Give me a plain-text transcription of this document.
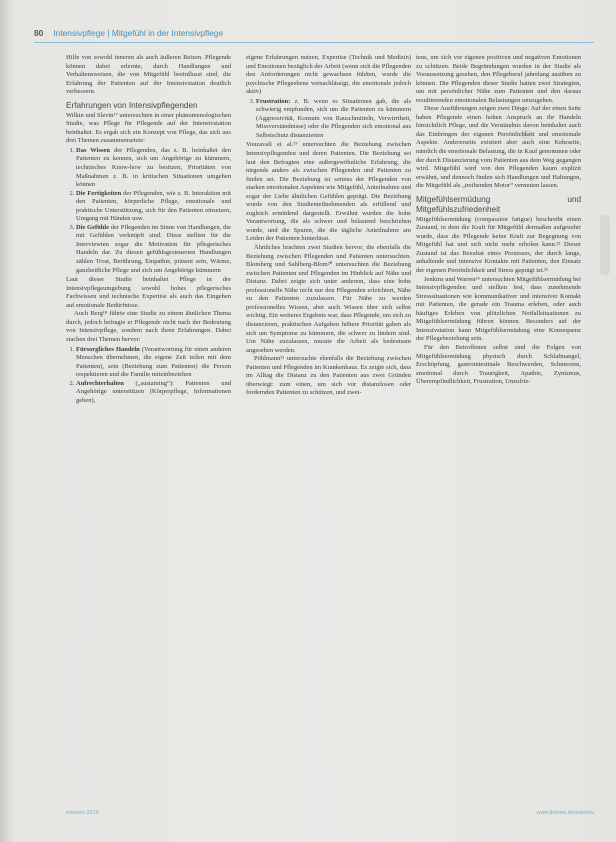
80 Intensivpflege | Mitgefühl in der Intensivpflege

Hilfe von sowohl inneren als auch äußeren Reizen. Pflegende können dabei erlernte, durch Handlungen und Verhaltensweisen, die von Mitgefühl beeinflusst sind, die Erfahrung der Patienten auf der Intensivstation deutlich verbessern.

Erfahrungen von Intensivpflegenden

Wilkin und Slevin¹⁷ untersuchten in einer phänomenologischen Studie, was Pflege für Pflegende auf der Intensivstation beinhaltet. Es ergab sich ein Konzept von Pflege, das sich aus drei Themen zusammensetzte:

1. Das Wissen der Pflegenden, das z. B. beinhaltet den Patienten zu kennen, sich um Angehörige zu kümmern, technisches Know-how zu besitzen, Prioritäten von Maßnahmen z. B. in kritischen Situationen umgehen können
2. Die Fertigkeiten der Pflegenden, wie z. B. Interaktion mit den Patienten, körperliche Pflege, emotionale und praktische Unterstützung, sich für den Patienten einsetzen, Umgang mit Händen usw.
3. Die Gefühle der Pflegenden im Sinne von Handlungen, die mit Gefühlen verknüpft sind. Diese stellten für die Interviewten sogar die Motivation für pflegerisches Handeln dar. Zu diesen gefühlsgesteuerten Handlungen zählen Trost, Berührung, Empathie, präsent sein, Wärme, ganzheitliche Pflege und sich um Angehörige kümmern

Laut dieser Studie beinhaltet Pflege in der Intensivpflegeumgebung sowohl hohes pflegerisches Fachwissen und technische Expertise als auch das Eingehen auf emotionale Bedürfnisse.

Auch Berg¹⁸ führte eine Studie zu einem ähnlichen Thema durch, jedoch befragte er Pflegende nicht nach der Bedeutung von Intensivpflege, sondern nach ihren Erfahrungen. Dabei stachen drei Themen hervor:

1. Fürsorgliches Handeln (Verantwortung für einen anderen Menschen übernehmen, die eigene Zeit teilen mit dem Patienten), sein (Beziehung zum Patienten) die Person respektieren und die Familie miteinbeziehen
2. Aufrechterhalten („sustaining“): Patienten und Angehörige unterstützen (Körperpflege, Informationen geben),

eigene Erfahrungen nutzen, Expertise (Technik und Medizin) und Emotionen bezüglich der Arbeit (wenn sich die Pflegenden den Anforderungen nicht gewachsen fühlten, wurde die psychische Pflegeebene vernachlässigt, die emotionale jedoch aktiv)

3. Frustration: z. B. wenn es Situationen gab, die als schwierig empfunden, sich um die Patienten zu kümmern (Aggressivität, Konsum von Rauschmitteln, Verwirrtheit, Missverständnisse) oder die Pflegenden sich emotional aus Selbstschutz distanzierten

Vouzavali et al.¹⁹ untersuchten die Beziehung zwischen Intensivpflegenden und deren Patienten. Die Beziehung sei laut den Befragten eine außergewöhnliche Erfahrung, die nirgends anders als zwischen Pflegenden und Patienten zu finden sei. Die Beziehung ist seitens der Pflegenden von starken emotionalen Aspekten wie Mitgefühl, Anteilnahme und sogar der Liebe ähnlichen Gefühlen geprägt. Die Beziehung wurde von den Studienteilnehmenden als erfüllend und zugleich ermüdend dargestellt. Erwähnt wurden die hohe Verantwortung, die als schwer und belastend beschrieben wurde, und die Spuren, die die tägliche Anteilnahme am Leiden der Patienten hinterlässt.

Ähnliches brachten zwei Studien hervor, die ebenfalls die Beziehung zwischen Pflegenden und Patienten untersuchten. Blomberg und Sahlberg-Blom²⁰ untersuchten die Beziehung zwischen Patienten und Pflegenden im Hinblick auf Nähe und Distanz. Dabei zeigte sich unter anderem, dass eine hohe professionelle Nähe nicht nur den Pflegenden erleichtert, Nähe zu den Patienten zuzulassen. Für Nähe zu werden professionelles Wissen, aber auch Wissen über sich selbst wichtig. Ein weiteres Ergebnis war, dass Pflegende, um sich zu distanzieren, praktischen Aufgaben höhere Priorität gaben als sich um Symptome zu kümmern, die schwer zu lindern sind. Um Nähe zuzulassen, musste die Arbeit als bedeutsam angesehen werden.

Pöhlmann²¹ untersuchte ebenfalls die Beziehung zwischen Patienten und Pflegenden im Krankenhaus. Es zeigte sich, dass im Alltag die Distanz zu den Patienten aus zwei Gründen überwiegt: zum einen, um sich vor distanzlosen oder fordernden Patienten zu schützen, und zwei-

tens, um sich vor eigenen positiven und negativen Emotionen zu schützen. Beide Begründungen wurden in der Studie als Voraussetzung gesehen, den Pflegeberuf jahrelang ausüben zu können. Die Pflegenden dieser Studie hatten zwei Strategien, um mit persönlicher Nähe zum Patienten und den daraus resultierenden emotionalen Belastungen umzugehen.

Diese Ausführungen zeigen zwei Dinge: Auf der einen Seite haben Pflegende einen hohen Anspruch an ihr Handeln hinsichtlich Pflege, und die Verständnis davon beinhaltet auch das Einbringen der eigenen Persönlichkeit und emotionale Aspekte. Andererseits existiert aber auch eine Kehrseite, nämlich die emotionale Belastung, die in Kauf genommen oder der durch Distanzierung vom Patienten aus dem Weg gegangen wird. Mitgefühl wird von den Pflegenden kaum explizit erwähnt, und dennoch finden sich Handlungen und Haltungen, die Mitgefühl als „treibenden Motor“ vermuten lassen.

Mitgefühlsermüdung und Mitgefühlszufriedenheit

Mitgefühlsermüdung (compassion fatigue) beschreibt einen Zustand, in dem die Kraft für Mitgefühl dermaßen aufgezehrt wurde, dass die Pflegende keine Kraft zur Begegnung von Mitgefühl hat und sich nicht mehr erholen kann.²² Dieser Zustand ist das Resultat eines Prozesses, der durch lange, anhaltende und intensive Kontakte mit Patienten, den Einsatz der eigenen Persönlichkeit und Stress geprägt ist.²³

Jenkins und Warren²⁴ untersuchten Mitgefühlsermüdung bei Intensivpflegenden und stellten fest, dass zunehmende Stresssituationen wie kommunikativer und intensiver Kontakt mit Patienten, die gerade ein Trauma erleben, oder auch häufiges Erleben von plötzlichen Notfallsituationen zu Mitgefühlsermüdung führen können. Besonders auf der Intensivstation kann Mitgefühlsermüdung eine Konsequenz der Pflegebeziehung sein.

Für den Betroffenen selbst sind die Folgen von Mitgefühlsermüdung physisch durch Schlafmangel, Erschöpfung, gastrointestinale Beschwerden, Schmerzen, emotional durch Traurigkeit, Apathie, Zynismus, Überempfindlichkeit, Frustration, Unzufrie-

Intensiv 2019	www.thieme.de/intensiv
